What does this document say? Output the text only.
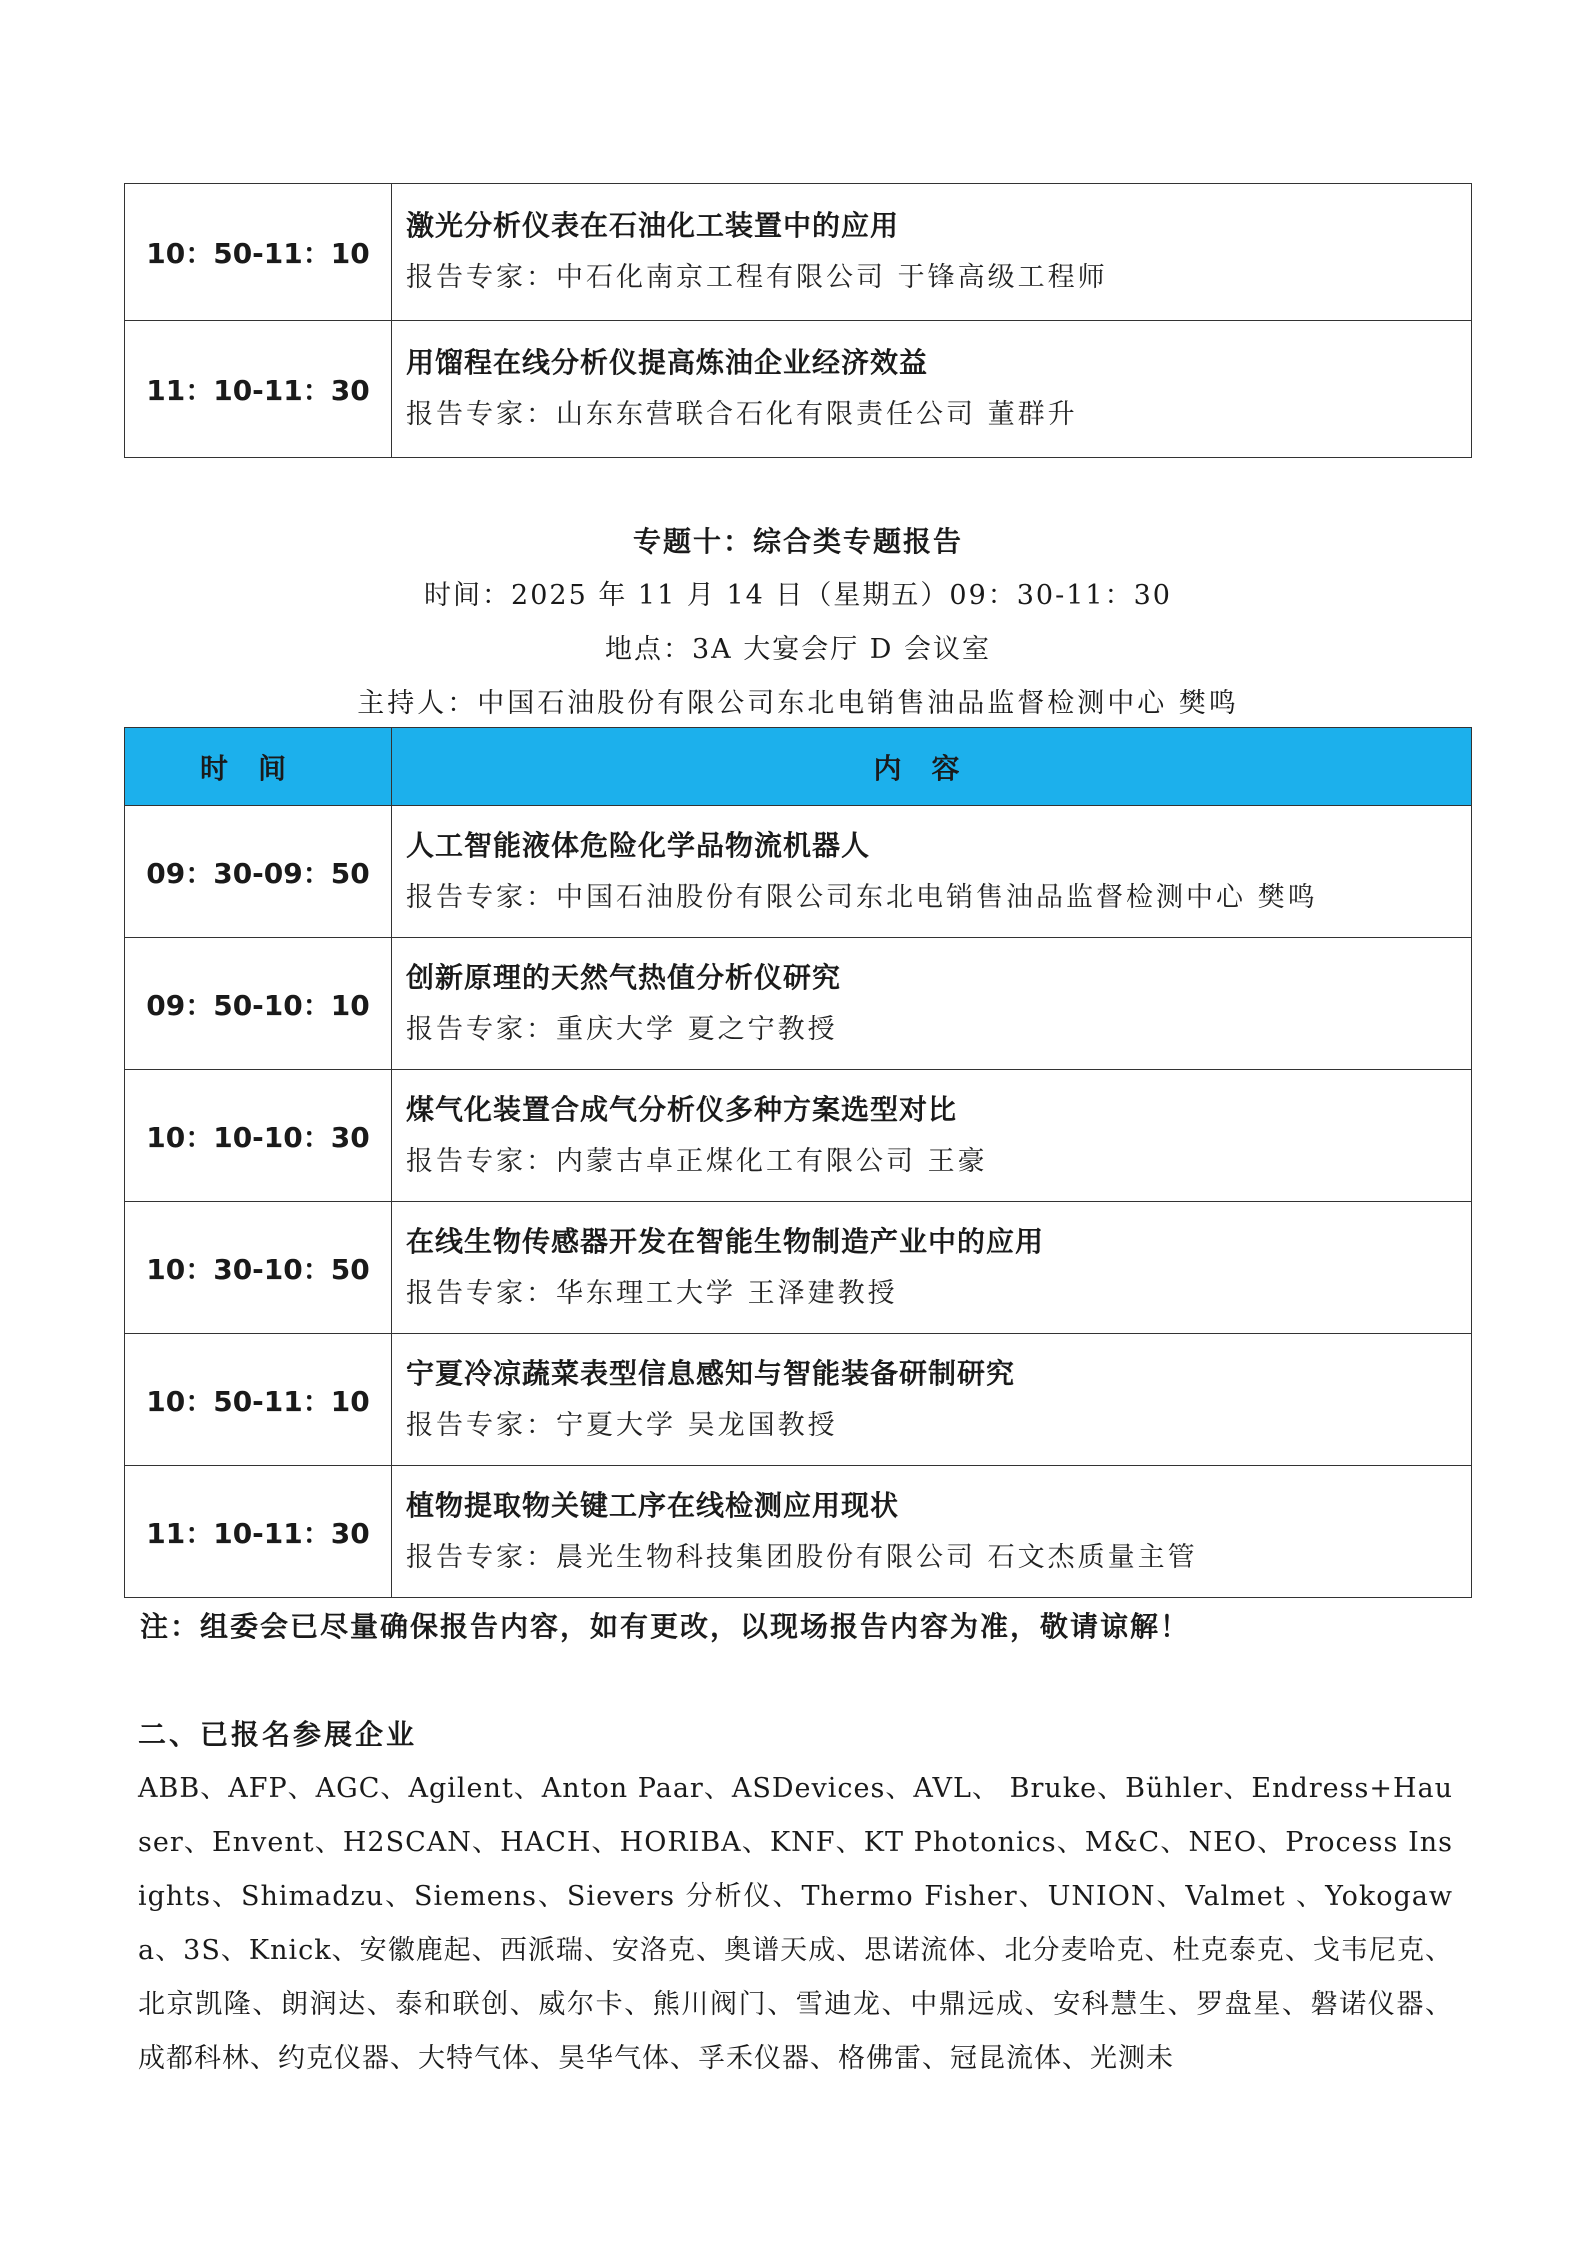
10：50-11：10	激光分析仪表在石油化工装置中的应用
报告专家：中石化南京工程有限公司 于锋高级工程师

11：10-11：30	用馏程在线分析仪提高炼油企业经济效益
报告专家：山东东营联合石化有限责任公司 董群升
专题十：综合类专题报告
时间：2025 年 11 月 14 日（星期五）09：30-11：30
地点：3A 大宴会厅 D 会议室
主持人：中国石油股份有限公司东北电销售油品监督检测中心 樊鸣
时间	内容
09：30-09：50	人工智能液体危险化学品物流机器人
报告专家：中国石油股份有限公司东北电销售油品监督检测中心 樊鸣

09：50-10：10	创新原理的天然气热值分析仪研究
报告专家：重庆大学 夏之宁教授

10：10-10：30	煤气化装置合成气分析仪多种方案选型对比
报告专家：内蒙古卓正煤化工有限公司 王豪

10：30-10：50	在线生物传感器开发在智能生物制造产业中的应用
报告专家：华东理工大学 王泽建教授

10：50-11：10	宁夏冷凉蔬菜表型信息感知与智能装备研制研究
报告专家：宁夏大学 吴龙国教授

11：10-11：30	植物提取物关键工序在线检测应用现状
报告专家：晨光生物科技集团股份有限公司 石文杰质量主管
注：组委会已尽量确保报告内容，如有更改，以现场报告内容为准，敬请谅解！
二、已报名参展企业
ABB、AFP、AGC、Agilent、Anton Paar、ASDevices、AVL、 Bruke、Bühler、Endress+Hauser、Envent、H2SCAN、HACH、HORIBA、KNF、KT Photonics、M&C、NEO、Process Insights、Shimadzu、Siemens、Sievers 分析仪、Thermo Fisher、UNION、Valmet 、Yokogawa、3S、Knick、安徽鹿起、西派瑞、安洛克、奥谱天成、思诺流体、北分麦哈克、杜克泰克、戈韦尼克、北京凯隆、朗润达、泰和联创、威尔卡、熊川阀门、雪迪龙、中鼎远成、安科慧生、罗盘星、磐诺仪器、成都科林、约克仪器、大特气体、昊华气体、孚禾仪器、格佛雷、冠昆流体、光测未
